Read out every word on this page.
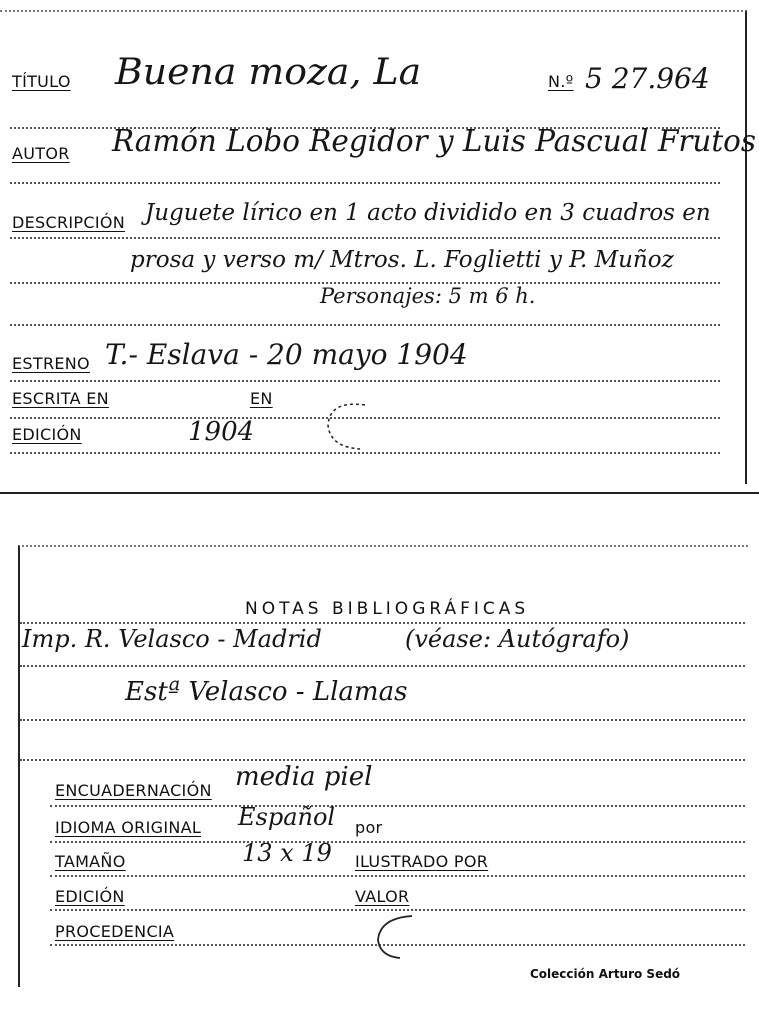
TÍTULO Buena moza, La	N.º 5 27.964
AUTOR Ramón Lobo Regidor y Luis Pascual Frutos
DESCRIPCIÓN Juguete lírico en 1 acto dividido en 3 cuadros en
prosa y verso m/ Mtros. L. Foglietti y P. Muñoz
Personajes: 5 m 6 h.
ESTRENO T.- Eslava - 20 mayo 1904
ESCRITA EN	EN
EDICIÓN	1904
NOTAS BIBLIOGRÁFICAS
Imp. R. Velasco - Madrid	(véase: Autógrafo)
Estª Velasco - Llamas
ENCUADERNACIÓN media piel
IDIOMA ORIGINAL Español por
TAMAÑO	13 x 19 ILUSTRADO POR
EDICIÓN	VALOR
PROCEDENCIA
Colección Arturo Sedó
